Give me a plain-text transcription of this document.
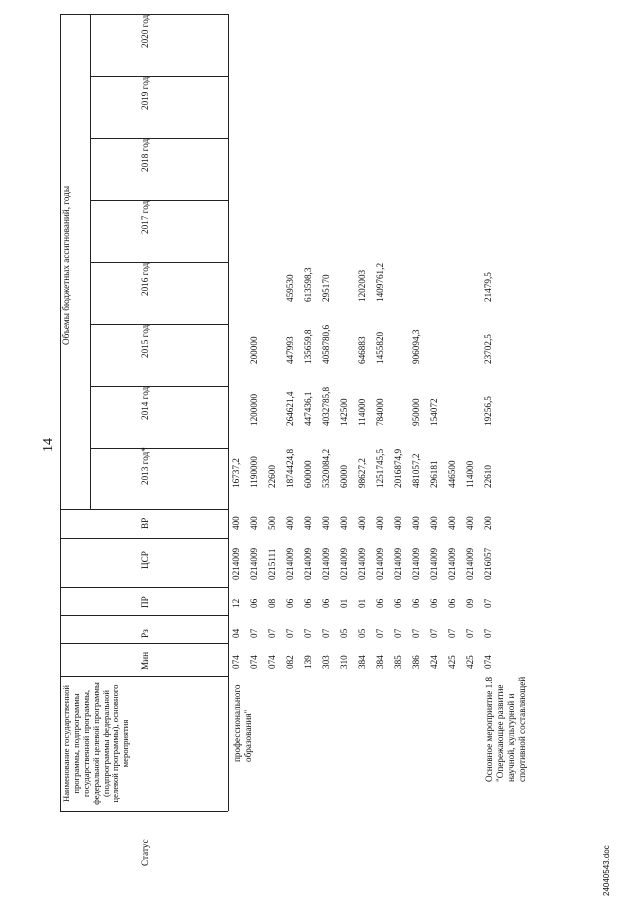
Статус
Наименование государственной программы, подпрограммы государственной программы, федеральной целевой программы (подпрограммы федеральной целевой программы), основного мероприятия
Мин
Рз
ПР
ЦСР
ВР
Объемы бюджетных ассигнований, годы
2013 год*
2014 год
2015 год
2016 год
2017 год
2018 год
2019 год
2020 год
профессионального образования"
074
04
12
0214009
400
16737,2
074
07
06
0214009
400
1190000
1200000
200000
074
07
08
0215111
500
22600
082
07
06
0214009
400
1874424,8
264621,4
447993
459530
139
07
06
0214009
400
600000
447436,1
135659,8
613598,3
303
07
06
0214009
400
5320084,2
4032785,8
4058780,6
295170
310
05
01
0214009
400
60000
142500
384
05
01
0214009
400
98627,2
114000
646883
1202003
384
07
06
0214009
400
1251745,5
784000
1455820
1409761,2
385
07
06
0214009
400
2016874,9
386
07
06
0214009
400
481057,2
950000
906094,3
424
07
06
0214009
400
296181
154072
425
07
06
0214009
400
446500
425
07
09
0214009
400
114000
Основное мероприятие 1.8 "Опережающее развитие научной, культурной и спортивной составляющей
074
07
07
0216057
200
22610
19256,5
23702,5
21479,5
14
24040543.doc
